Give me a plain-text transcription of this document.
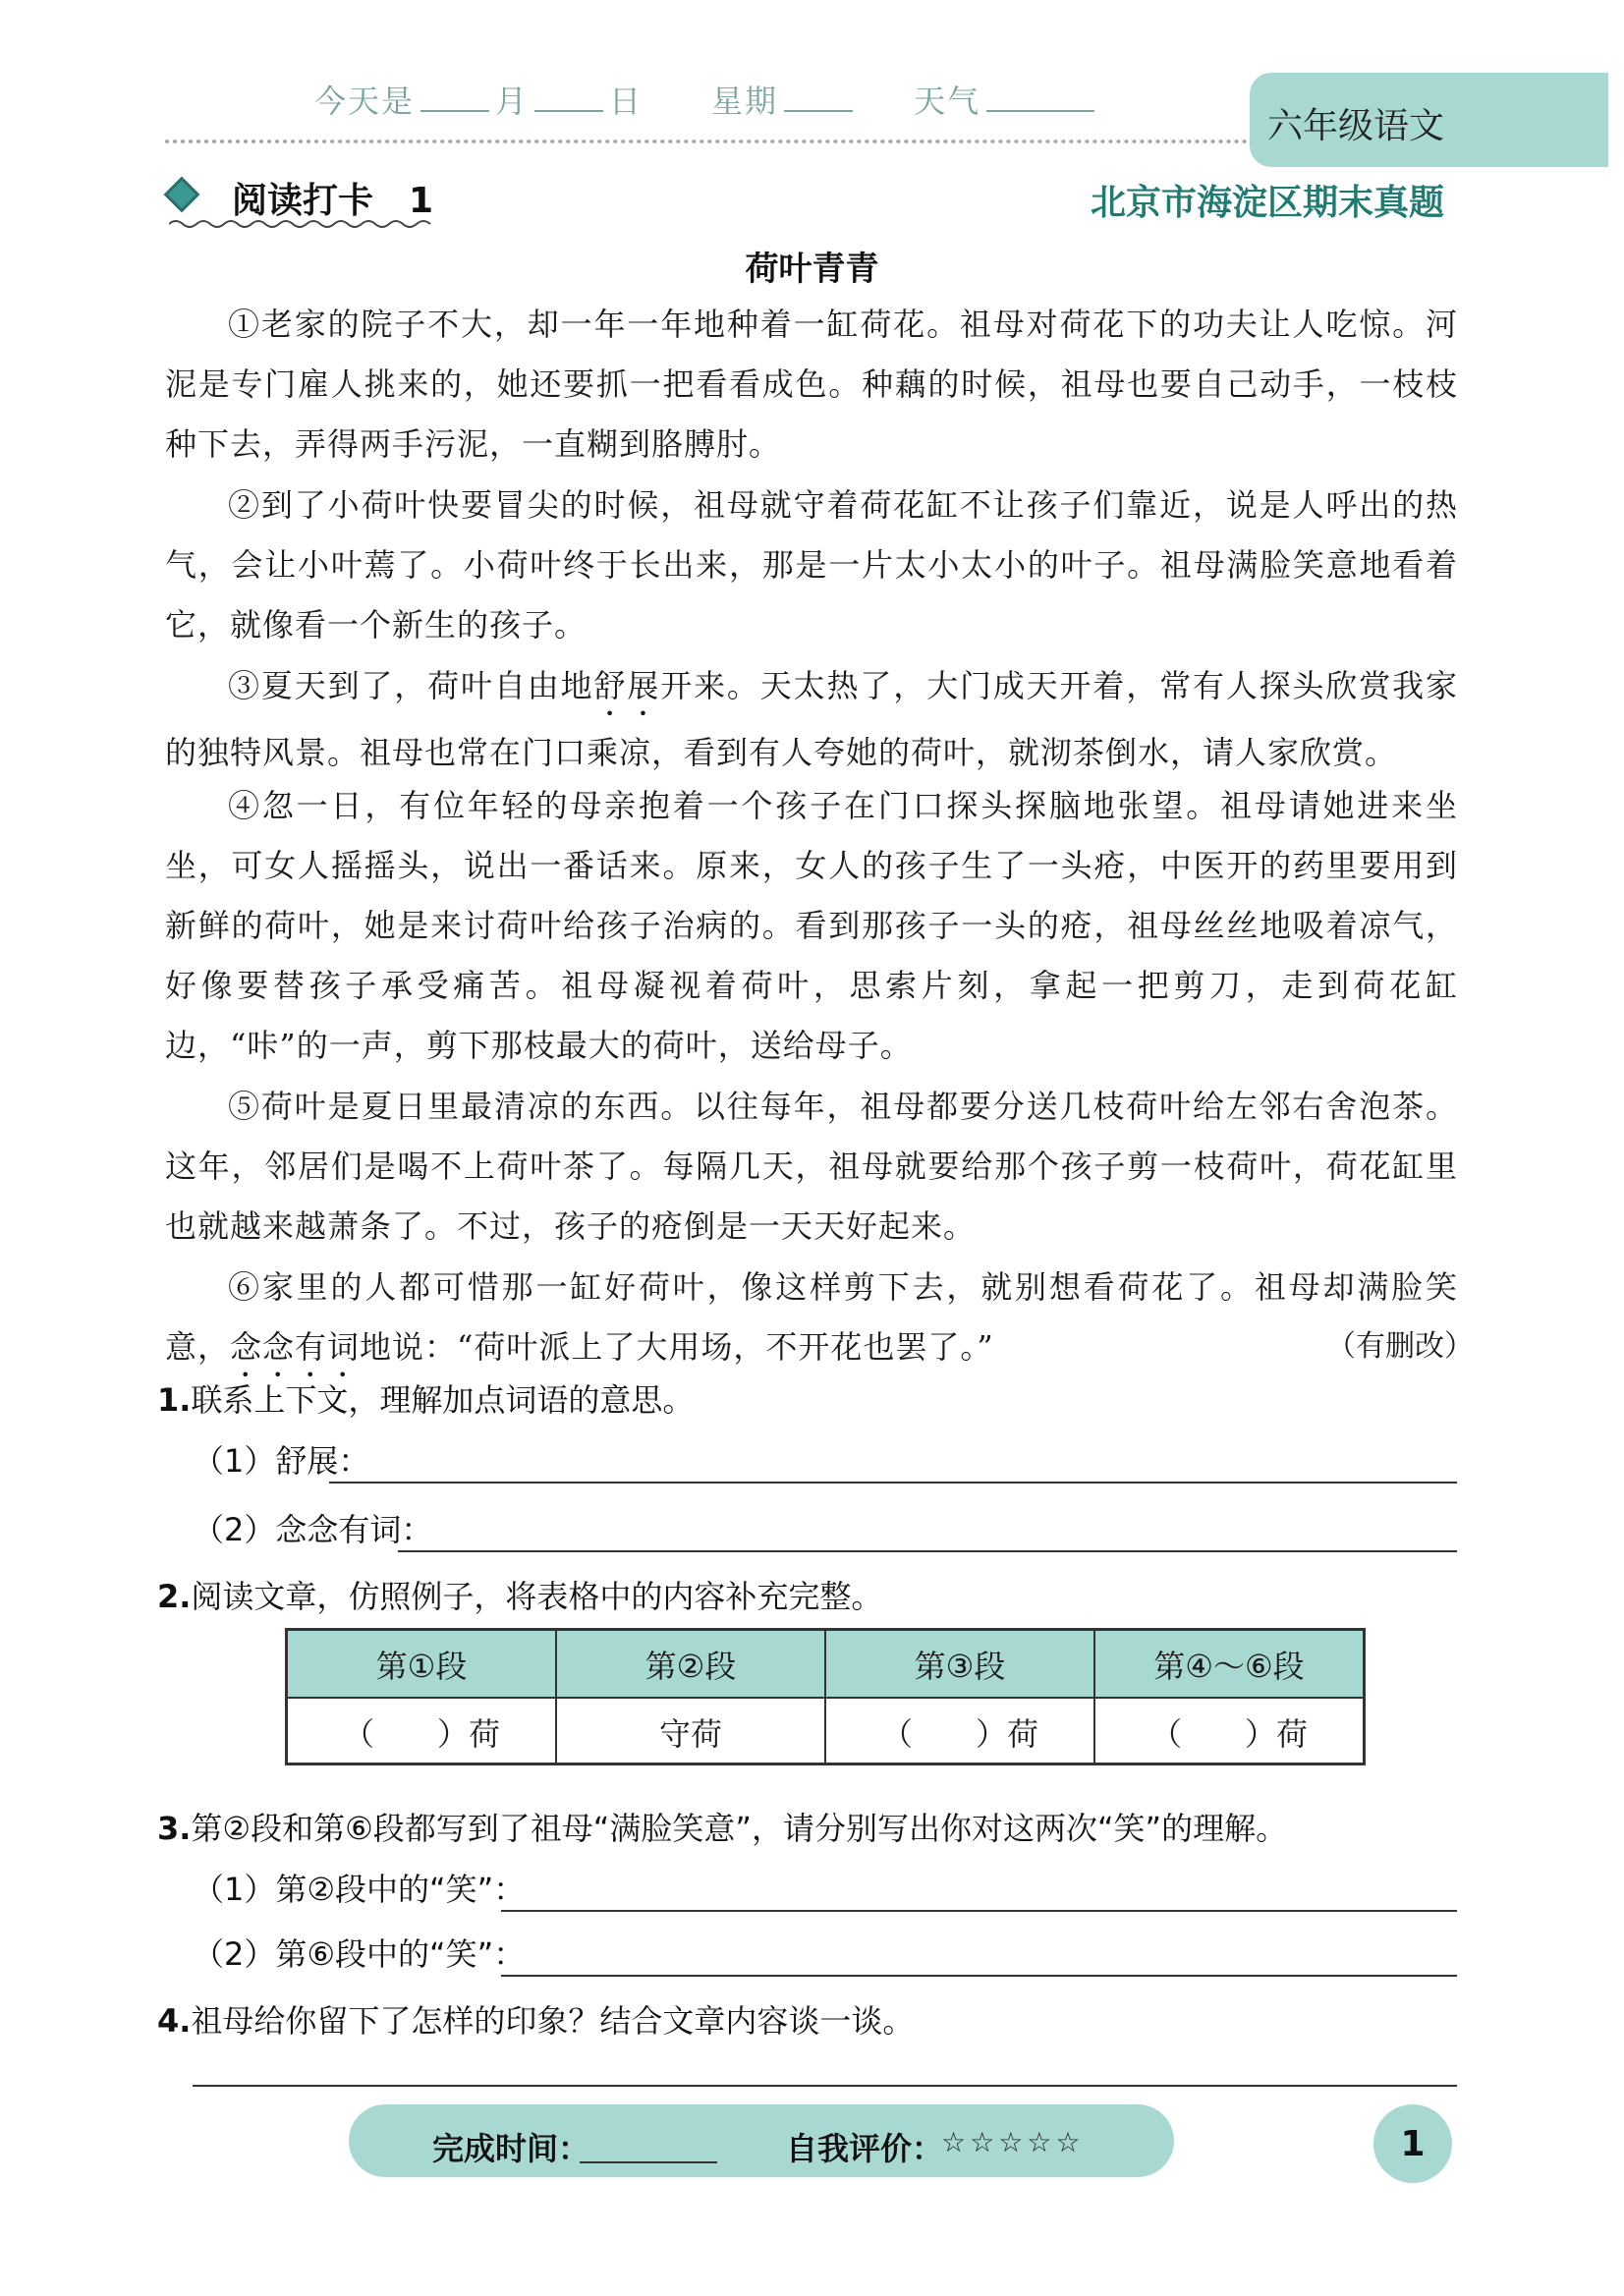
今天是	月	日 星期	天气
六年级语文
阅读打卡　1	北京市海淀区期末真题
荷叶青青
①老家的院子不大，却一年一年地种着一缸荷花。祖母对荷花下的功夫让人吃惊。河泥是专门雇人挑来的，她还要抓一把看看成色。种藕的时候，祖母也要自己动手，一枝枝种下去，弄得两手污泥，一直糊到胳膊肘。
②到了小荷叶快要冒尖的时候，祖母就守着荷花缸不让孩子们靠近，说是人呼出的热气，会让小叶蔫了。小荷叶终于长出来，那是一片太小太小的叶子。祖母满脸笑意地看着它，就像看一个新生的孩子。
③夏天到了，荷叶自由地舒展开来。天太热了，大门成天开着，常有人探头欣赏我家的独特风景。祖母也常在门口乘凉，看到有人夸她的荷叶，就沏茶倒水，请人家欣赏。
④忽一日，有位年轻的母亲抱着一个孩子在门口探头探脑地张望。祖母请她进来坐坐，可女人摇摇头，说出一番话来。原来，女人的孩子生了一头疮，中医开的药里要用到新鲜的荷叶，她是来讨荷叶给孩子治病的。看到那孩子一头的疮，祖母丝丝地吸着凉气，好像要替孩子承受痛苦。祖母凝视着荷叶，思索片刻，拿起一把剪刀，走到荷花缸边，“咔”的一声，剪下那枝最大的荷叶，送给母子。
⑤荷叶是夏日里最清凉的东西。以往每年，祖母都要分送几枝荷叶给左邻右舍泡茶。这年，邻居们是喝不上荷叶茶了。每隔几天，祖母就要给那个孩子剪一枝荷叶，荷花缸里也就越来越萧条了。不过，孩子的疮倒是一天天好起来。
⑥家里的人都可惜那一缸好荷叶，像这样剪下去，就别想看荷花了。祖母却满脸笑意，念念有词地说：“荷叶派上了大用场，不开花也罢了。”	（有删改）
1.联系上下文，理解加点词语的意思。
（1）舒展：
（2）念念有词：
2.阅读文章，仿照例子，将表格中的内容补充完整。
第①段	第②段	第③段	第④～⑥段
（　　）荷	守荷	（　　）荷	（　　）荷
3.第②段和第⑥段都写到了祖母“满脸笑意”，请分别写出你对这两次“笑”的理解。
（1）第②段中的“笑”：
（2）第⑥段中的“笑”：
4.祖母给你留下了怎样的印象？结合文章内容谈一谈。
完成时间：	自我评价：
☆☆☆☆☆	1
